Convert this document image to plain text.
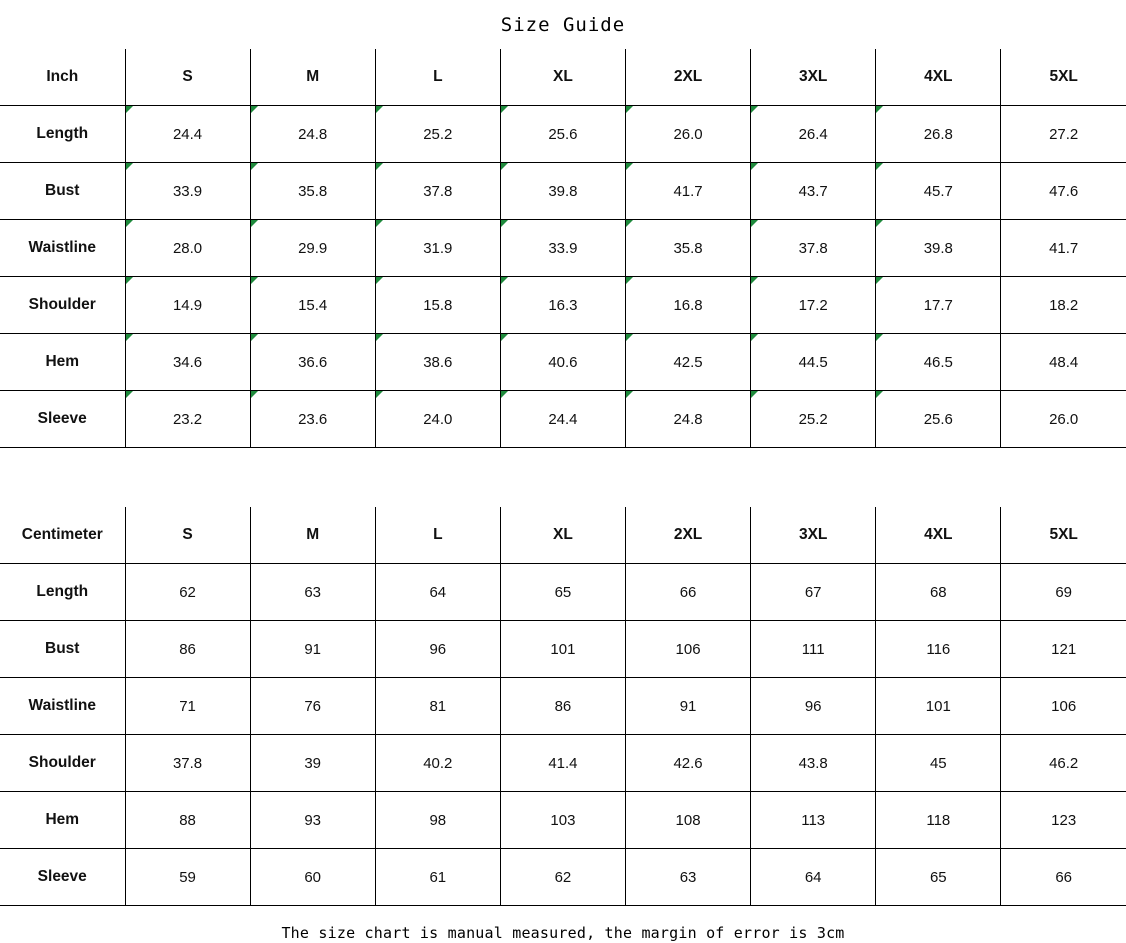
Size Guide
Inch	S	M	L	XL	2XL	3XL	4XL	5XL
Length	24.4	24.8	25.2	25.6	26.0	26.4	26.8	27.2
Bust	33.9	35.8	37.8	39.8	41.7	43.7	45.7	47.6
Waistline	28.0	29.9	31.9	33.9	35.8	37.8	39.8	41.7
Shoulder	14.9	15.4	15.8	16.3	16.8	17.2	17.7	18.2
Hem	34.6	36.6	38.6	40.6	42.5	44.5	46.5	48.4
Sleeve	23.2	23.6	24.0	24.4	24.8	25.2	25.6	26.0
Centimeter	S	M	L	XL	2XL	3XL	4XL	5XL
Length	62	63	64	65	66	67	68	69
Bust	86	91	96	101	106	111	116	121
Waistline	71	76	81	86	91	96	101	106
Shoulder	37.8	39	40.2	41.4	42.6	43.8	45	46.2
Hem	88	93	98	103	108	113	118	123
Sleeve	59	60	61	62	63	64	65	66
The size chart is manual measured, the margin of error is 3cm
